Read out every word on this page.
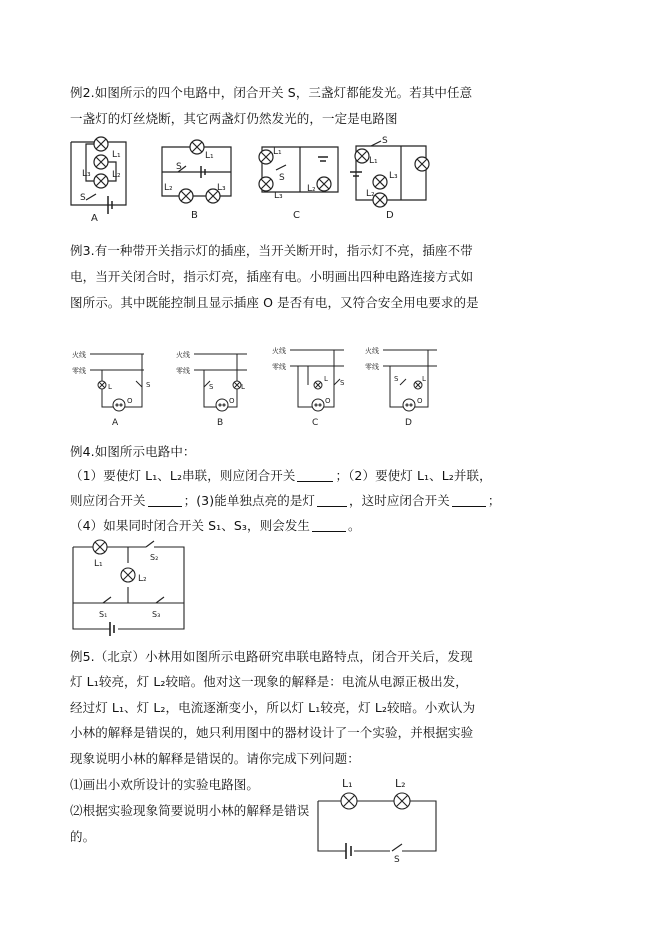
例2.如图所示的四个电路中，闭合开关 S，三盏灯都能发光。若其中任意
一盏灯的灯丝烧断，其它两盏灯仍然发光的，一定是电路图
L₁
L₂
L₃
S
A
L₁
S
L₂	L₃
B
L₁
S
L₃
L₂
C
S
L₁
L₃
L₂
D
例3.有一种带开关指示灯的插座，当开关断开时，指示灯不亮，插座不带
电，当开关闭合时，指示灯亮，插座有电。小明画出四种电路连接方式如
图所示。其中既能控制且显示插座 O 是否有电，又符合安全用电要求的是
火线
零线
L	S
O
A
火线
零线
S	L
O
B
火线
零线
L S
O
C
火线
零线
S	L
O
D
例4.如图所示电路中：
（1）要使灯 L₁、L₂串联，则应闭合开关	；（2）要使灯 L₁、L₂并联，
则应闭合开关	；(3)能单独点亮的是灯	，这时应闭合开关	；
（4）如果同时闭合开关 S₁、S₃，则会发生	。
L₁
L₂
S₂
S₁	S₃
例5.（北京）小林用如图所示电路研究串联电路特点，闭合开关后，发现
灯 L₁较亮，灯 L₂较暗。他对这一现象的解释是：电流从电源正极出发，
经过灯 L₁、灯 L₂，电流逐渐变小，所以灯 L₁较亮，灯 L₂较暗。小欢认为
小林的解释是错误的，她只利用图中的器材设计了一个实验，并根据实验
现象说明小林的解释是错误的。请你完成下列问题：
⑴画出小欢所设计的实验电路图。
⑵根据实验现象简要说明小林的解释是错误
的。
L₁	L₂
S
